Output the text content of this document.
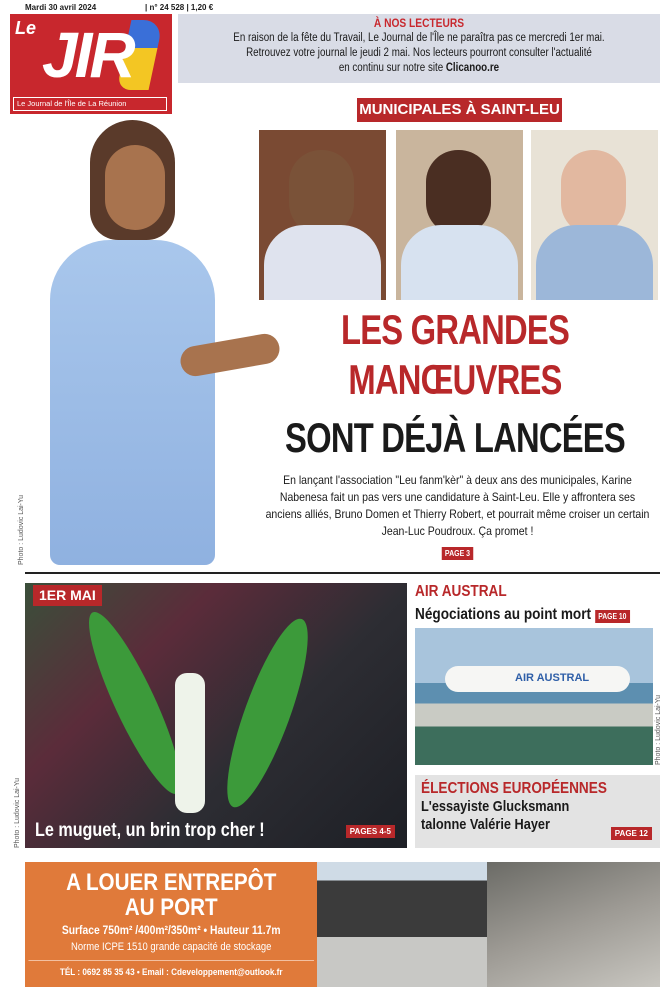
Mardi 30 avril 2024	| n° 24 528 | 1,20 €
Le JIR
Le Journal de l'Île de La Réunion
À NOS LECTEURS
En raison de la fête du Travail, Le Journal de l'Île ne paraîtra pas ce mercredi 1er mai.
Retrouvez votre journal le jeudi 2 mai. Nos lecteurs pourront consulter l'actualité
en continu sur notre site Clicanoo.re
MUNICIPALES À SAINT-LEU
Photo : Ludovic Lai-Yu
LES GRANDES
MANŒUVRES
SONT DÉJÀ LANCÉES
En lançant l'association "Leu fanm'kèr" à deux ans des municipales, Karine Nabenesa fait un pas vers une candidature à Saint-Leu. Elle y affrontera ses anciens alliés, Bruno Domen et Thierry Robert, et pourrait même croiser un certain Jean-Luc Poudroux. Ça promet !
PAGE 3
1ER MAI
Le muguet, un brin trop cher !	PAGES 4-5
Photo : Ludovic Lai-Yu
AIR AUSTRAL
Négociations au point mort PAGE 10
AIR AUSTRAL
Photo : Ludovic Lai-Yu
ÉLECTIONS EUROPÉENNES
L'essayiste Glucksmann
talonne Valérie Hayer
PAGE 12
A LOUER ENTREPÔT
AU PORT
Surface 750m² /400m²/350m² • Hauteur 11.7m
Norme ICPE 1510 grande capacité de stockage
TÉL : 0692 85 35 43 • Email : Cdeveloppement@outlook.fr
